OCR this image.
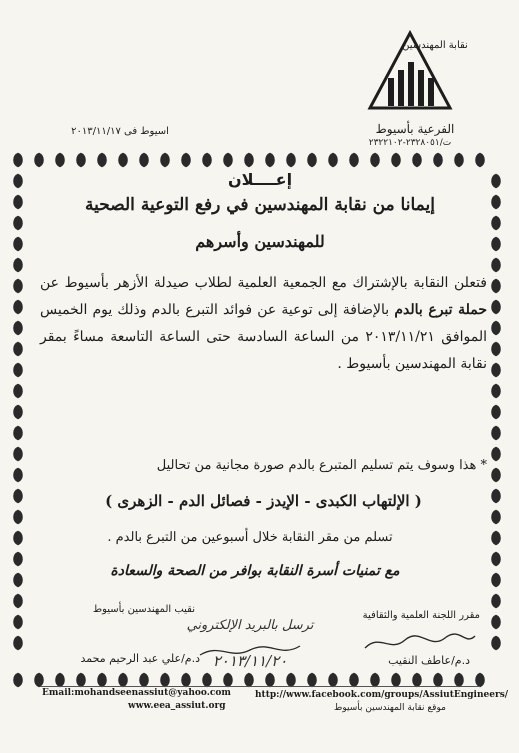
نقابة المهندسين
الفرعية بأسيوط
ت/٢٣٢٨٠٥١-٢٣٢٢١٠٢
اسيوط فى ٢٠١٣/١١/١٧
إعــــلان
إيمانا من نقابة المهندسين في رفع التوعية الصحية
للمهندسين وأسرهم
فتعلن النقابة بالإشتراك مع الجمعية العلمية لطلاب صيدلة الأزهر بأسيوط عن حملة تبرع بالدم بالإضافة إلى توعية عن فوائد التبرع بالدم وذلك يوم الخميس الموافق ٢٠١٣/١١/٢١ من الساعة السادسة حتى الساعة التاسعة مساءً بمقر نقابة المهندسين بأسيوط .
* هذا وسوف يتم تسليم المتبرع بالدم صورة مجانية من تحاليل
( الإلتهاب الكبدى - الإيدز - فصائل الدم - الزهرى )
تسلم من مقر النقابة خلال أسبوعين من التبرع بالدم .
مع تمنيات أسرة النقابة بوافر من الصحة والسعادة
مقرر اللجنة العلمية والثقافية
نقيب المهندسين بأسيوط
ترسل بالبريد الإلكتروني
٢٠١٣/١١/٢٠	د.م/عاطف النقيب
د.م/علي عبد الرحيم محمد
Email:mohandseenassiut@yahoo.com
www.eea_assiut.org
http://www.facebook.com/groups/AssiutEngineers/
موقع نقابة المهندسين بأسيوط
